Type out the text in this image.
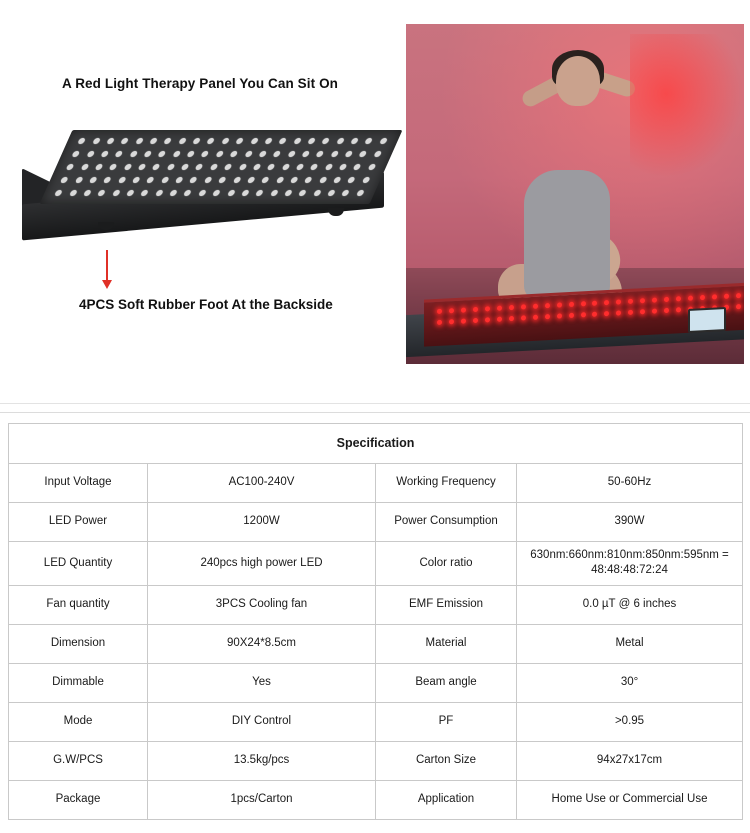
A Red Light Therapy Panel You Can Sit On
4PCS Soft Rubber Foot At the Backside
Specification			
Input Voltage	AC100-240V	Working Frequency	50-60Hz
LED Power	1200W	Power Consumption	390W
LED Quantity	240pcs high power LED	Color ratio	630nm:660nm:810nm:850nm:595nm = 48:48:48:72:24
Fan quantity	3PCS Cooling fan	EMF Emission	0.0 µT @ 6 inches
Dimension	90X24*8.5cm	Material	Metal
Dimmable	Yes	Beam angle	30°
Mode	DIY Control	PF	>0.95
G.W/PCS	13.5kg/pcs	Carton Size	94x27x17cm
Package	1pcs/Carton	Application	Home Use or Commercial Use
